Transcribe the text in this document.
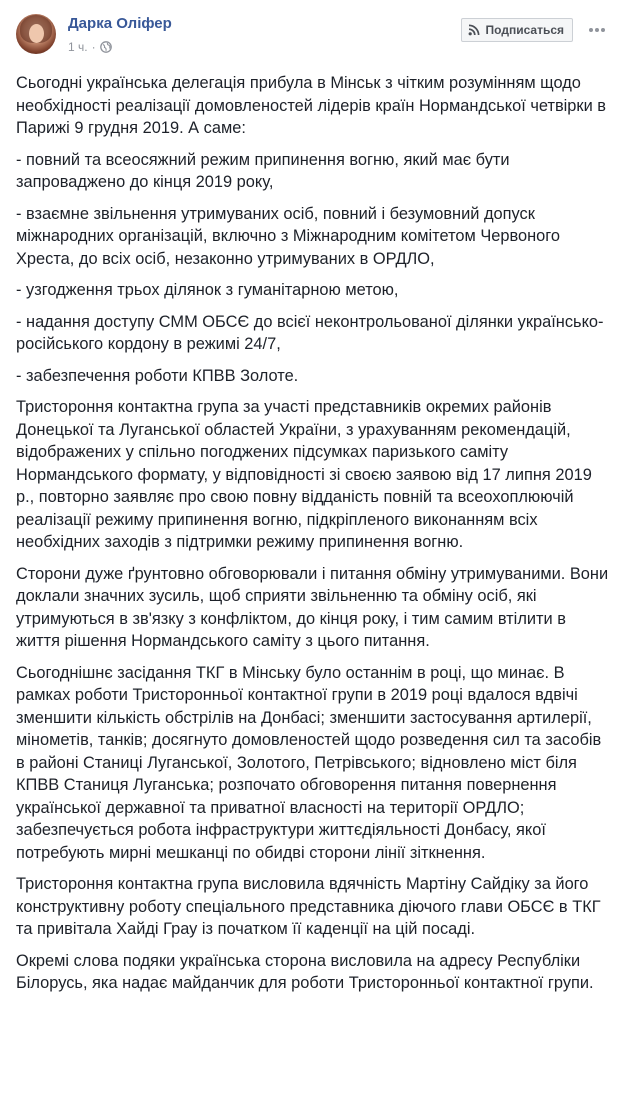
Дарка Оліфер
1 ч. ·
Подписаться

Сьогодні українська делегація прибула в Мінськ з чітким розумінням щодо необхідності реалізації домовленостей лідерів країн Нормандської четвірки в Парижі 9 грудня 2019. А саме:

- повний та всеосяжний режим припинення вогню, який має бути запроваджено до кінця 2019 року,

- взаємне звільнення утримуваних осіб, повний і безумовний допуск міжнародних організацій, включно з Міжнародним комітетом Червоного Хреста, до всіх осіб, незаконно утримуваних в ОРДЛО,

- узгодження трьох ділянок з гуманітарною метою,

- надання доступу СММ ОБСЄ до всієї неконтрольованої ділянки українсько-російського кордону в режимі 24/7,

- забезпечення роботи КПВВ Золоте.

Тристороння контактна група за участі представників окремих районів Донецької та Луганської областей України, з урахуванням рекомендацій, відображених у спільно погоджених підсумках паризького саміту Нормандського формату, у відповідності зі своєю заявою від 17 липня 2019 р., повторно заявляє про свою повну відданість повній та всеохоплюючій реалізації режиму припинення вогню, підкріпленого виконанням всіх необхідних заходів з підтримки режиму припинення вогню.

Сторони дуже ґрунтовно обговорювали і питання обміну утримуваними. Вони доклали значних зусиль, щоб сприяти звільненню та обміну осіб, які утримуються в зв'язку з конфліктом, до кінця року, і тим самим втілити в життя рішення Нормандського саміту з цього питання.

Сьогоднішнє засідання ТКГ в Мінську було останнім в році, що минає. В рамках роботи Тристоронньої контактної групи в 2019 році вдалося вдвічі зменшити кількість обстрілів на Донбасі; зменшити застосування артилерії, мінометів, танків; досягнуто домовленостей щодо розведення сил та засобів в районі Станиці Луганської, Золотого, Петрівського; відновлено міст біля КПВВ Станиця Луганська; розпочато обговорення питання повернення української державної та приватної власності на території ОРДЛО; забезпечується робота інфраструктури життєдіяльності Донбасу, якої потребують мирні мешканці по обидві сторони лінії зіткнення.

Тристороння контактна група висловила вдячність Мартіну Сайдіку за його конструктивну роботу спеціального представника діючого глави ОБСЄ в ТКГ та привітала Хайді Грау із початком її каденції на цій посаді.

Окремі слова подяки українська сторона висловила на адресу Республіки Білорусь, яка надає майданчик для роботи Тристоронньої контактної групи.
